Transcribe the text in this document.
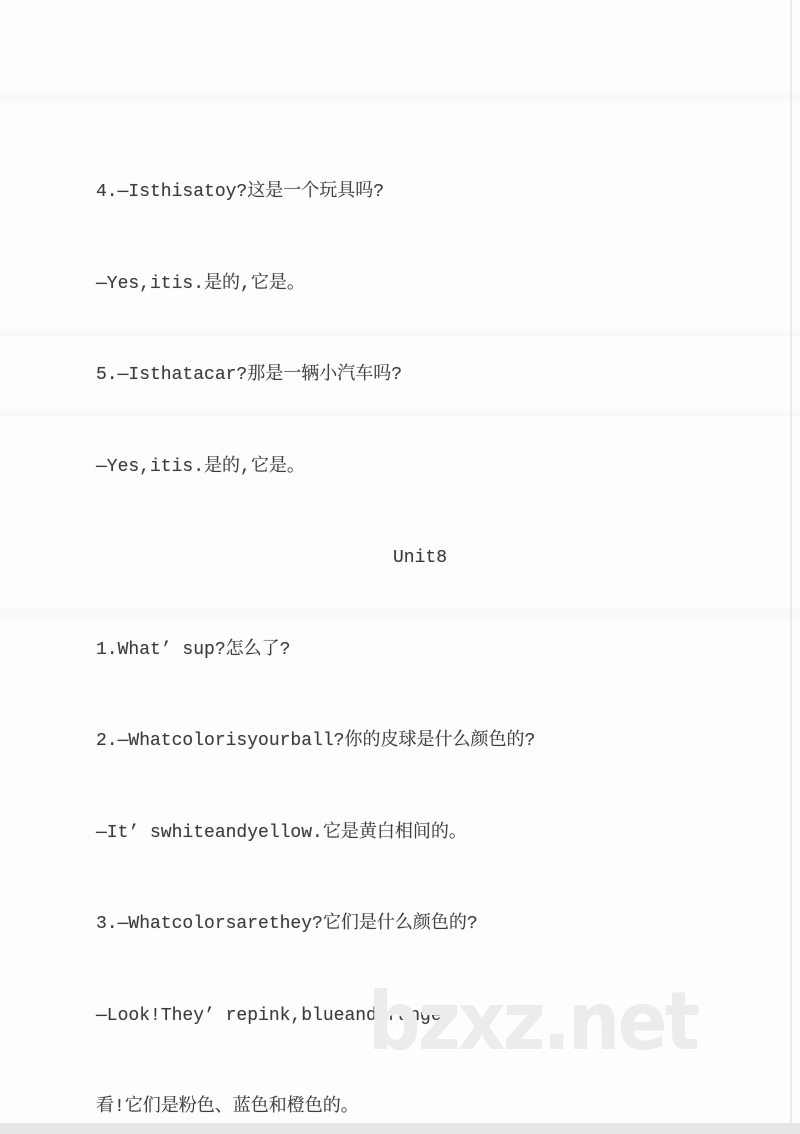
4.—Isthisatoy?这是一个玩具吗?

—Yes,itis.是的,它是。

5.—Isthatacar?那是一辆小汽车吗?

—Yes,itis.是的,它是。

Unit8

1.What’ sup?怎么了?

2.—Whatcolorisyourball?你的皮球是什么颜色的?

—It’ swhiteandyellow.它是黄白相间的。

3.—Whatcolorsarethey?它们是什么颜色的?

—Look!They’ repink,blueandorange.

看!它们是粉色、蓝色和橙色的。

bzxz.net
